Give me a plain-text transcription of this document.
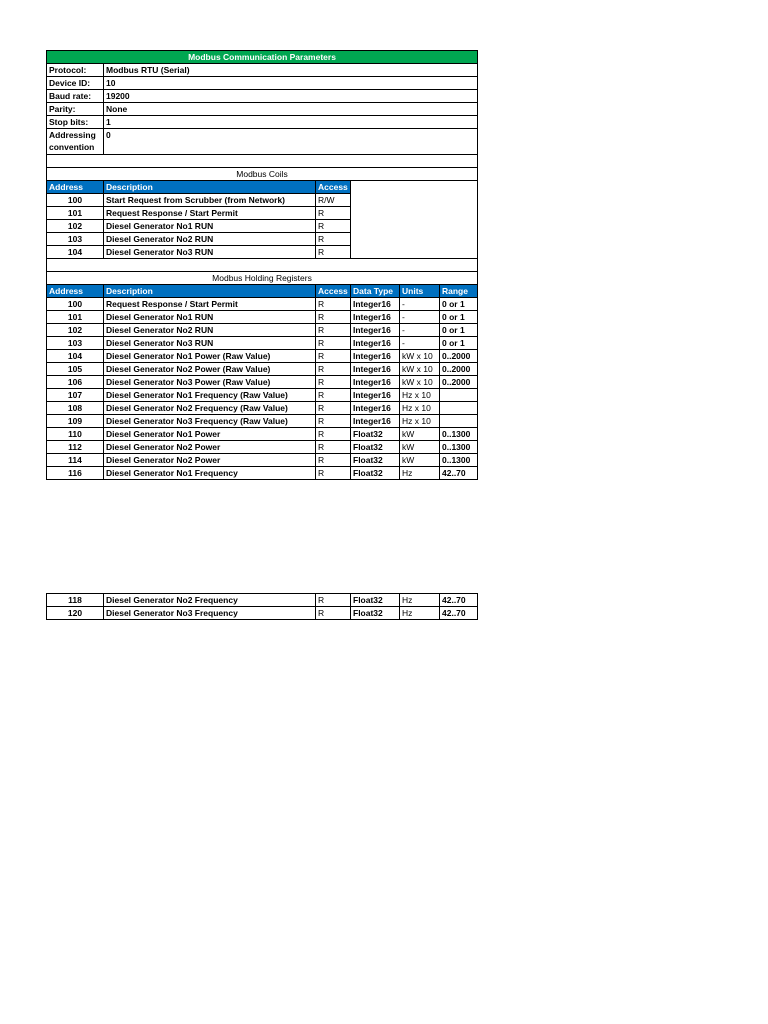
Modbus Communication Parameters					
Protocol:	Modbus RTU (Serial)				
Device ID:	10				
Baud rate:	19200				
Parity:	None				
Stop bits:	1				
Addressing convention	0				

Modbus Coils					
Address	Description	Access			
100	Start Request from Scrubber (from Network)	R/W			
101	Request Response / Start Permit	R			
102	Diesel Generator No1 RUN	R			
103	Diesel Generator No2 RUN	R			
104	Diesel Generator No3 RUN	R			

Modbus Holding Registers					
Address	Description	Access	Data Type	Units	Range
100	Request Response / Start Permit	R	Integer16	-	0 or 1
101	Diesel Generator No1 RUN	R	Integer16	-	0 or 1
102	Diesel Generator No2 RUN	R	Integer16	-	0 or 1
103	Diesel Generator No3 RUN	R	Integer16	-	0 or 1
104	Diesel Generator No1 Power (Raw Value)	R	Integer16	kW x 10	0..2000
105	Diesel Generator No2 Power (Raw Value)	R	Integer16	kW x 10	0..2000
106	Diesel Generator No3 Power (Raw Value)	R	Integer16	kW x 10	0..2000
107	Diesel Generator No1 Frequency (Raw Value)	R	Integer16	Hz x 10	
108	Diesel Generator No2 Frequency (Raw Value)	R	Integer16	Hz x 10	
109	Diesel Generator No3 Frequency (Raw Value)	R	Integer16	Hz x 10	
110	Diesel Generator No1 Power	R	Float32	kW	0..1300
112	Diesel Generator No2 Power	R	Float32	kW	0..1300
114	Diesel Generator No2 Power	R	Float32	kW	0..1300
116	Diesel Generator No1 Frequency	R	Float32	Hz	42..70
118	Diesel Generator No2 Frequency	R	Float32	Hz	42..70
120	Diesel Generator No3 Frequency	R	Float32	Hz	42..70
